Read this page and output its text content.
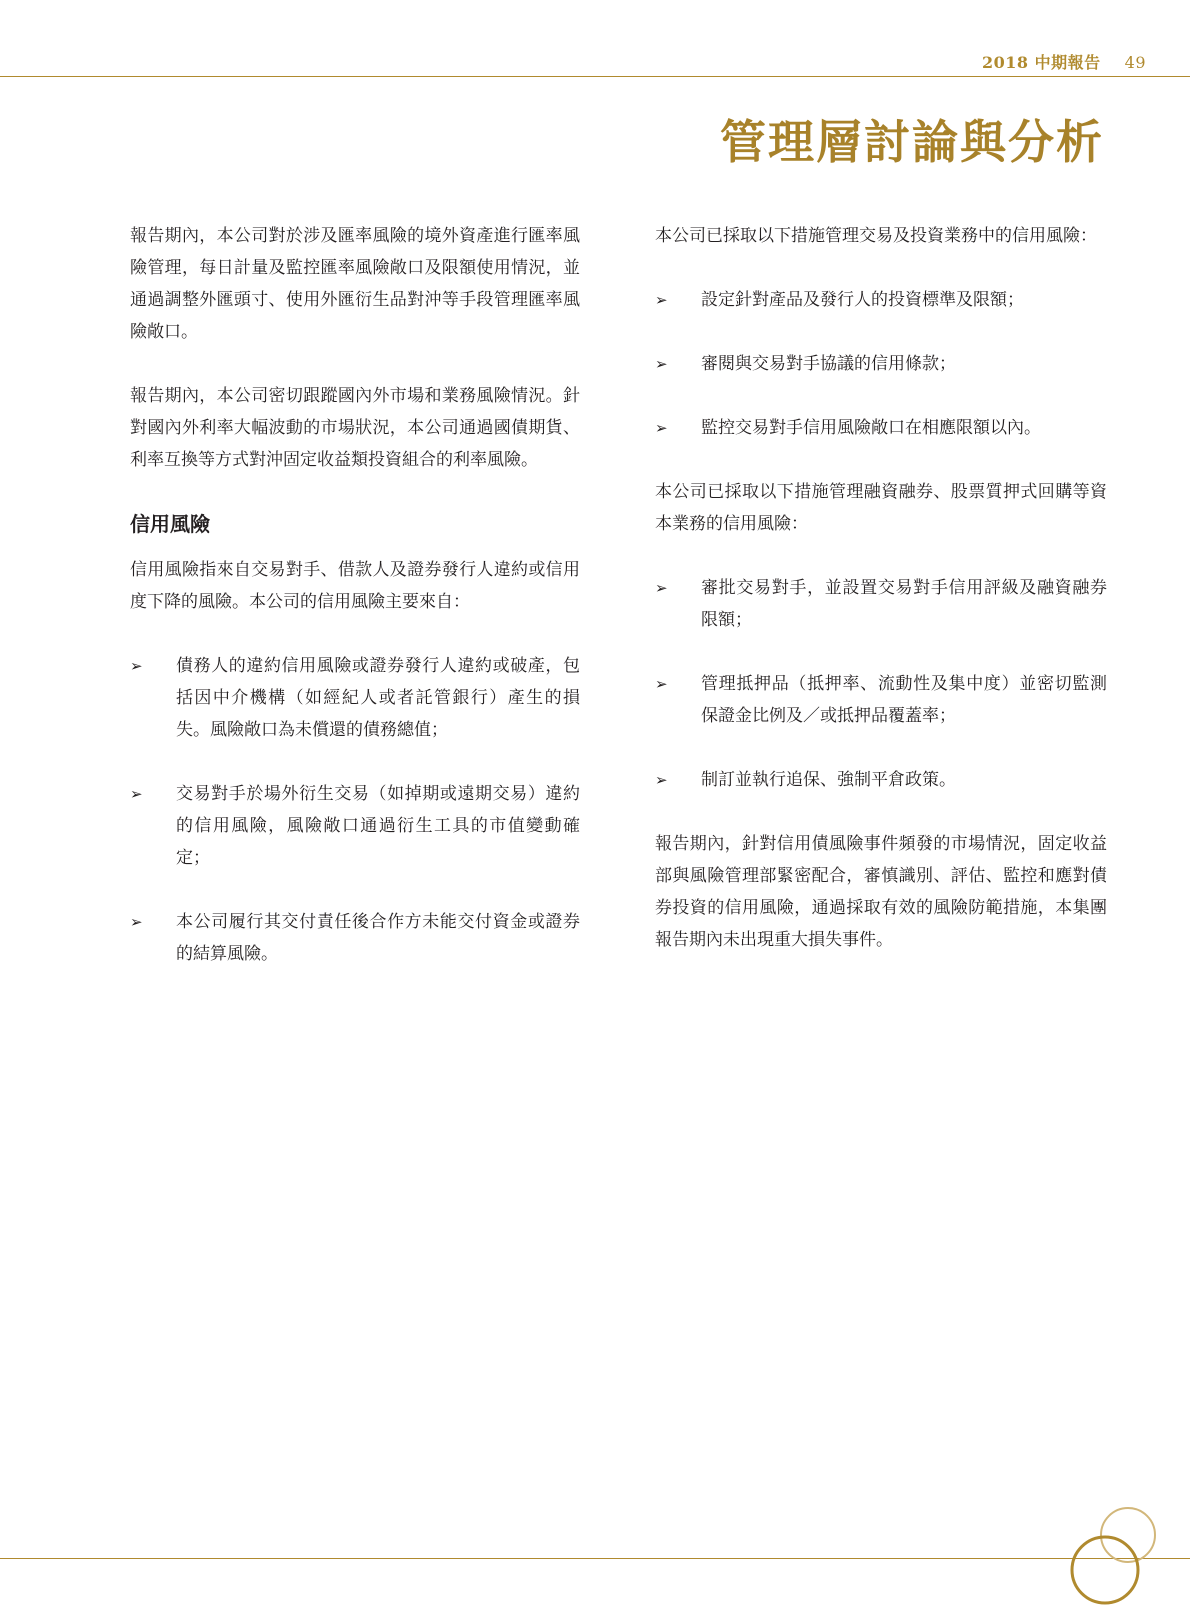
2018 中期報告 49
管理層討論與分析

報告期內，本公司對於涉及匯率風險的境外資產進行匯率風險管理，每日計量及監控匯率風險敞口及限額使用情況，並通過調整外匯頭寸、使用外匯衍生品對沖等手段管理匯率風險敞口。

報告期內，本公司密切跟蹤國內外市場和業務風險情況。針對國內外利率大幅波動的市場狀況，本公司通過國債期貨、利率互換等方式對沖固定收益類投資組合的利率風險。

信用風險

信用風險指來自交易對手、借款人及證券發行人違約或信用度下降的風險。本公司的信用風險主要來自：

➢	債務人的違約信用風險或證券發行人違約或破產，包括因中介機構（如經紀人或者託管銀行）產生的損失。風險敞口為未償還的債務總值；
➢	交易對手於場外衍生交易（如掉期或遠期交易）違約的信用風險，風險敞口通過衍生工具的市值變動確定；
➢	本公司履行其交付責任後合作方未能交付資金或證券的結算風險。

本公司已採取以下措施管理交易及投資業務中的信用風險：

➢	設定針對產品及發行人的投資標準及限額；
➢	審閱與交易對手協議的信用條款；
➢	監控交易對手信用風險敞口在相應限額以內。

本公司已採取以下措施管理融資融券、股票質押式回購等資本業務的信用風險：

➢	審批交易對手，並設置交易對手信用評級及融資融券限額；
➢	管理抵押品（抵押率、流動性及集中度）並密切監測保證金比例及／或抵押品覆蓋率；
➢	制訂並執行追保、強制平倉政策。

報告期內，針對信用債風險事件頻發的市場情況，固定收益部與風險管理部緊密配合，審慎識別、評估、監控和應對債券投資的信用風險，通過採取有效的風險防範措施，本集團報告期內未出現重大損失事件。
